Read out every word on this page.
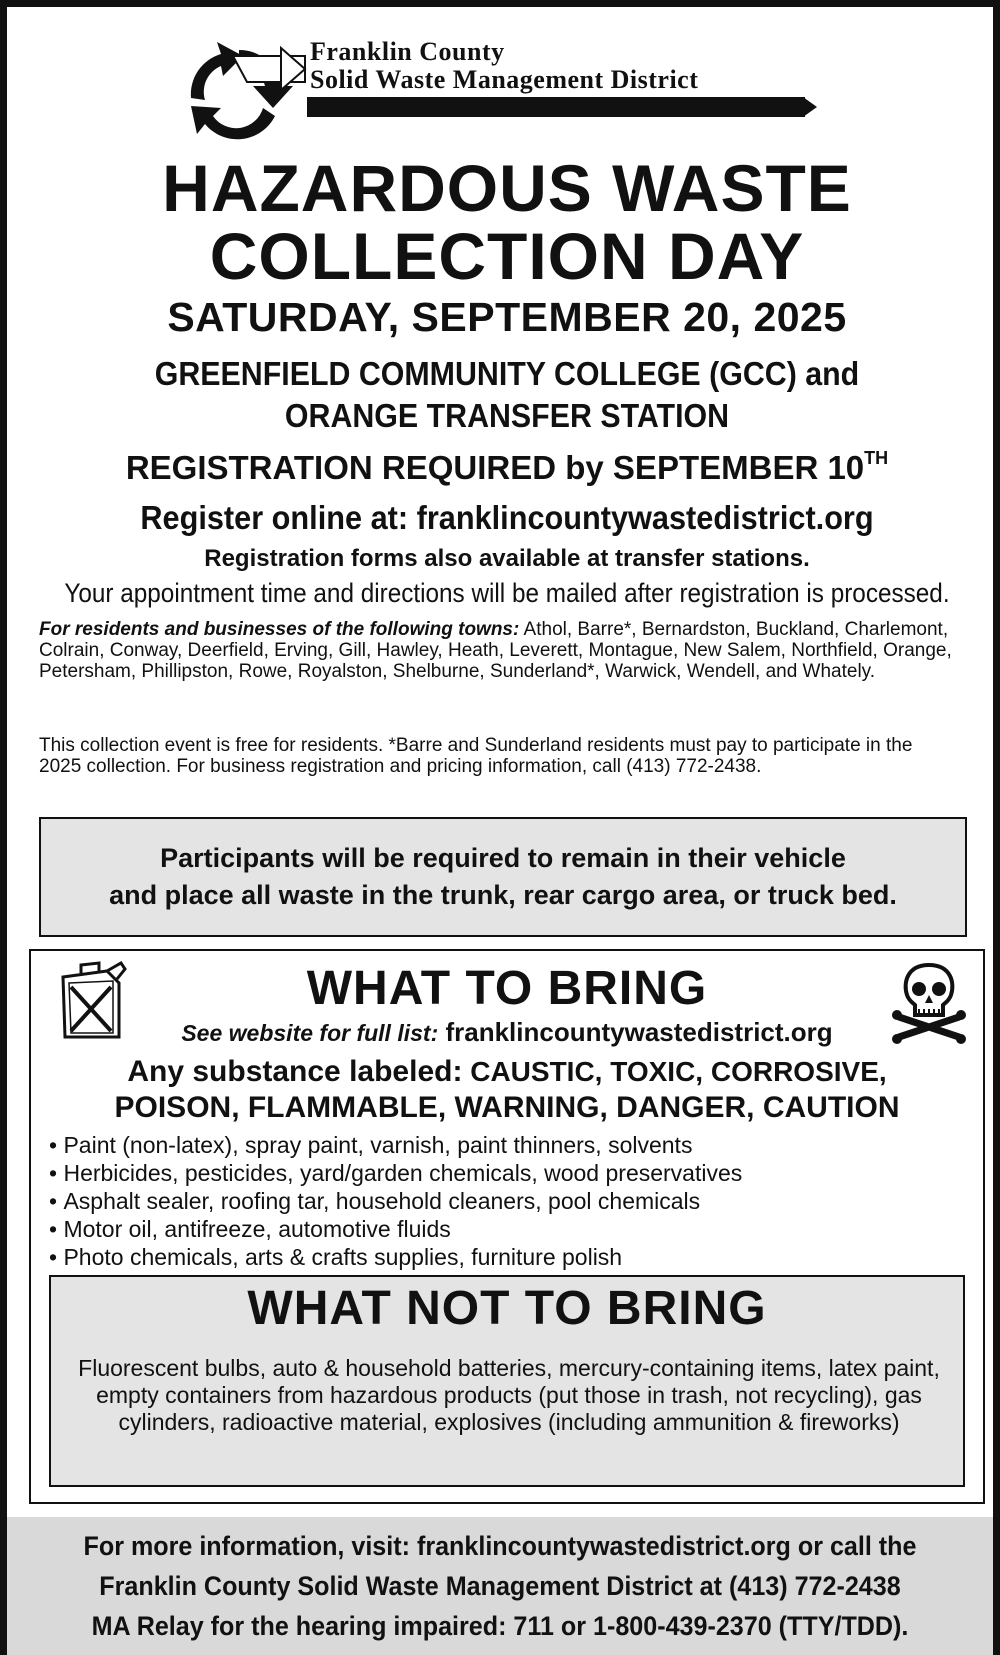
Franklin County
Solid Waste Management District
HAZARDOUS WASTE
COLLECTION DAY
SATURDAY, SEPTEMBER 20, 2025
GREENFIELD COMMUNITY COLLEGE (GCC) and
ORANGE TRANSFER STATION
REGISTRATION REQUIRED by SEPTEMBER 10TH
Register online at: franklincountywastedistrict.org
Registration forms also available at transfer stations.
Your appointment time and directions will be mailed after registration is processed.
For residents and businesses of the following towns: Athol, Barre*, Bernardston, Buckland, Charlemont, Colrain, Conway, Deerfield, Erving, Gill, Hawley, Heath, Leverett, Montague, New Salem, Northfield, Orange, Petersham, Phillipston, Rowe, Royalston, Shelburne, Sunderland*, Warwick, Wendell, and Whately.
This collection event is free for residents. *Barre and Sunderland residents must pay to participate in the 2025 collection. For business registration and pricing information, call (413) 772-2438.
Participants will be required to remain in their vehicle
and place all waste in the trunk, rear cargo area, or truck bed.
WHAT TO BRING
See website for full list: franklincountywastedistrict.org
Any substance labeled: CAUSTIC, TOXIC, CORROSIVE,
POISON, FLAMMABLE, WARNING, DANGER, CAUTION
• Paint (non-latex), spray paint, varnish, paint thinners, solvents
• Herbicides, pesticides, yard/garden chemicals, wood preservatives
• Asphalt sealer, roofing tar, household cleaners, pool chemicals
• Motor oil, antifreeze, automotive fluids
• Photo chemicals, arts & crafts supplies, furniture polish
WHAT NOT TO BRING
Fluorescent bulbs, auto & household batteries, mercury-containing items, latex paint, empty containers from hazardous products (put those in trash, not recycling), gas cylinders, radioactive material, explosives (including ammunition & fireworks)
For more information, visit: franklincountywastedistrict.org or call the
Franklin County Solid Waste Management District at (413) 772-2438
MA Relay for the hearing impaired: 711 or 1-800-439-2370 (TTY/TDD).
